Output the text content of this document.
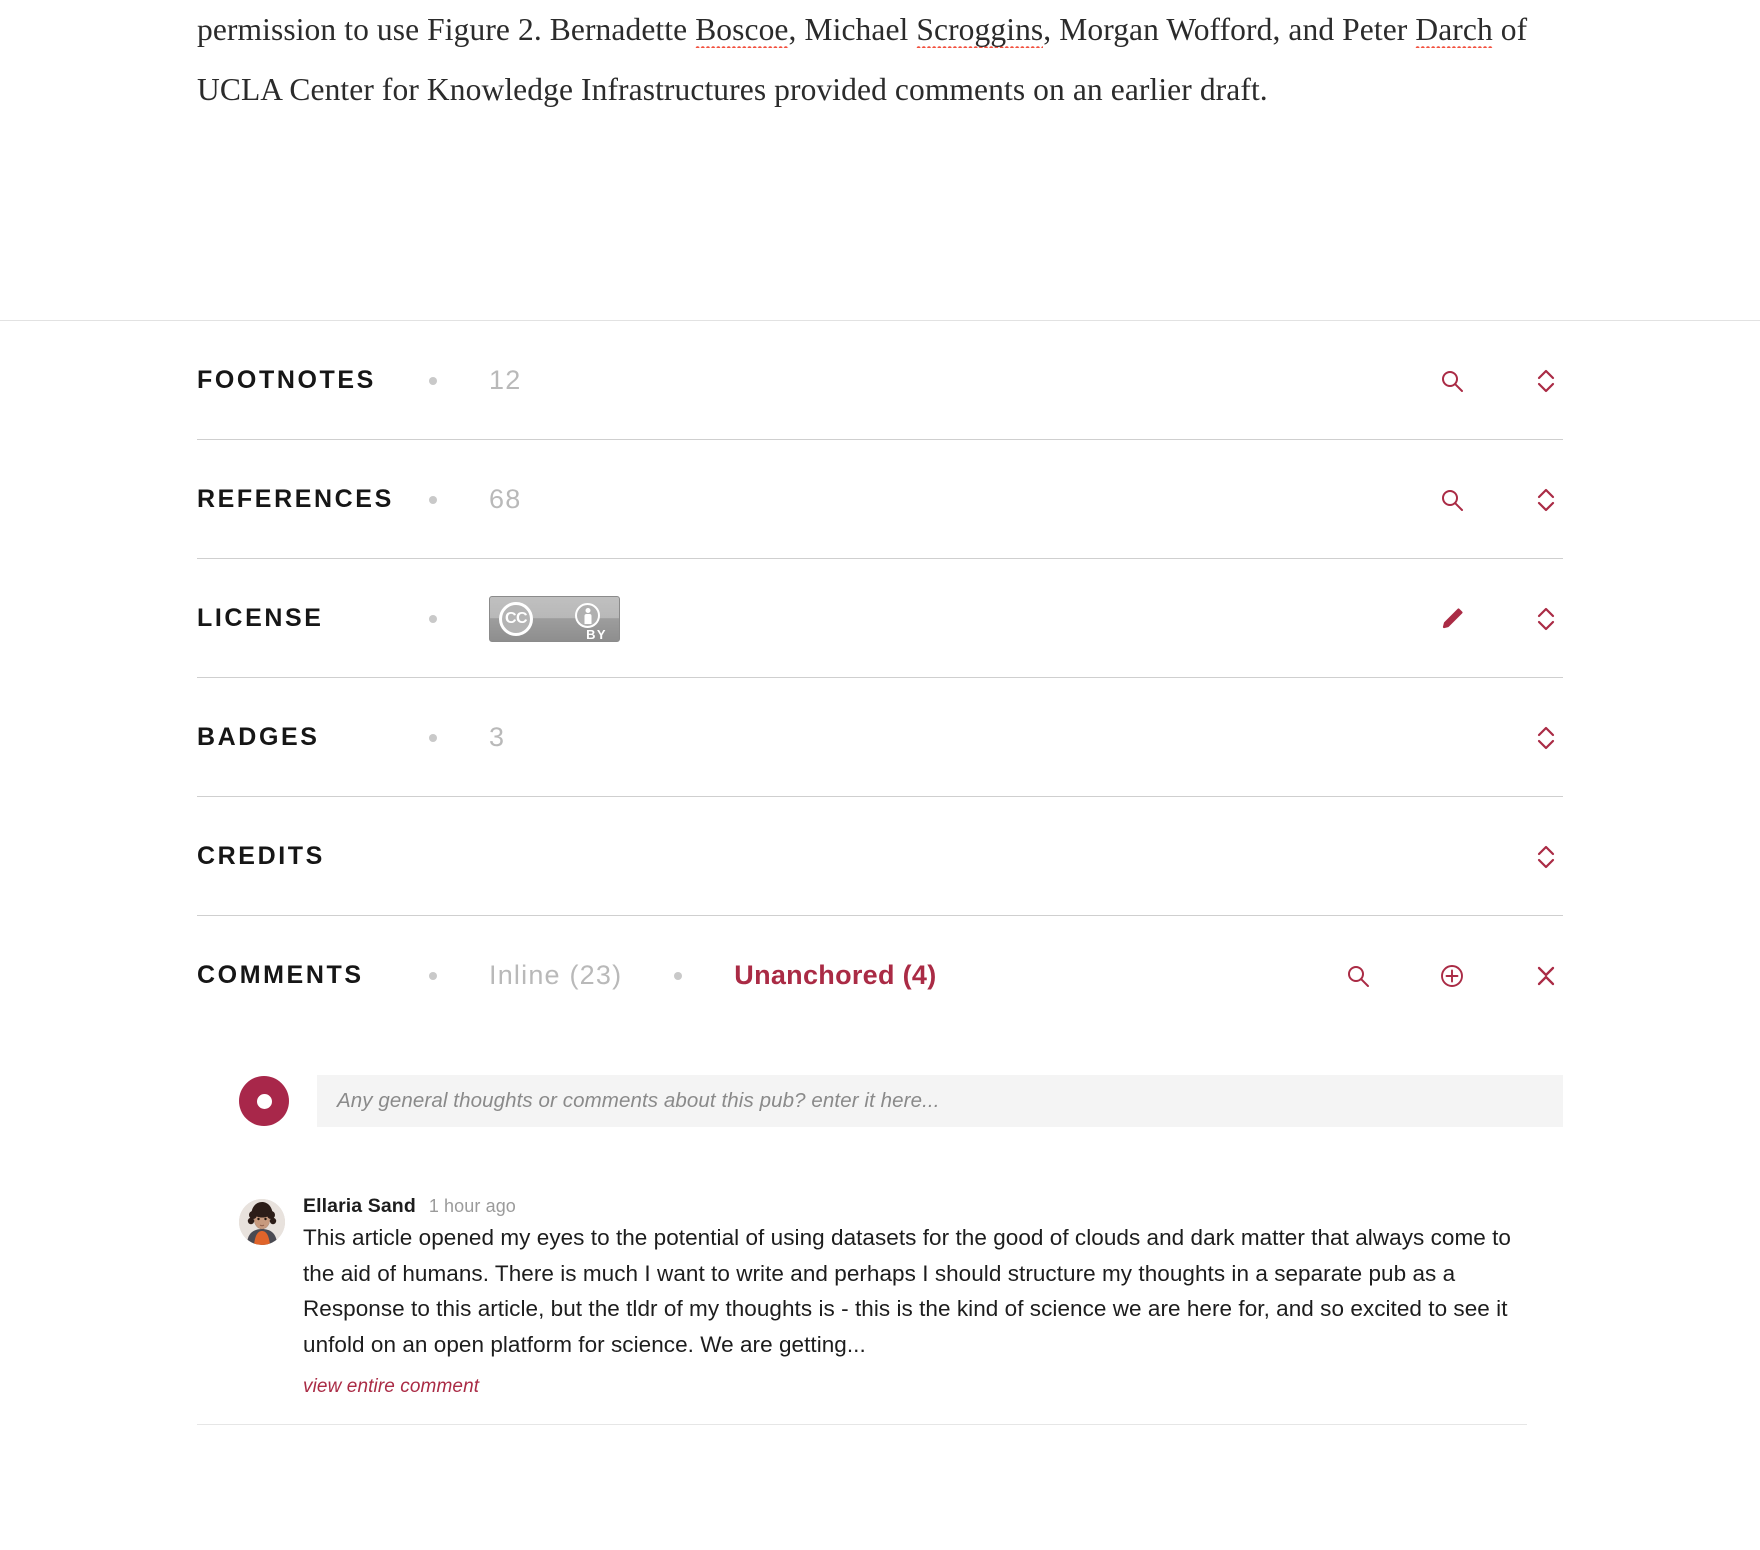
permission to use Figure 2. Bernadette Boscoe, Michael Scroggins, Morgan Wofford, and Peter Darch of UCLA Center for Knowledge Infrastructures provided comments on an earlier draft.

FOOTNOTES	12
REFERENCES	68
LICENSE	CC
BY
BADGES	3
CREDITS
COMMENTS	Inline (23)	Unanchored (4)
Any general thoughts or comments about this pub? enter it here...
Ellaria Sand 1 hour ago

This article opened my eyes to the potential of using datasets for the good of clouds and dark matter that always come to the aid of humans. There is much I want to write and perhaps I should structure my thoughts in a separate pub as a Response to this article, but the tldr of my thoughts is - this is the kind of science we are here for, and so excited to see it unfold on an open platform for science. We are getting...

view entire comment
